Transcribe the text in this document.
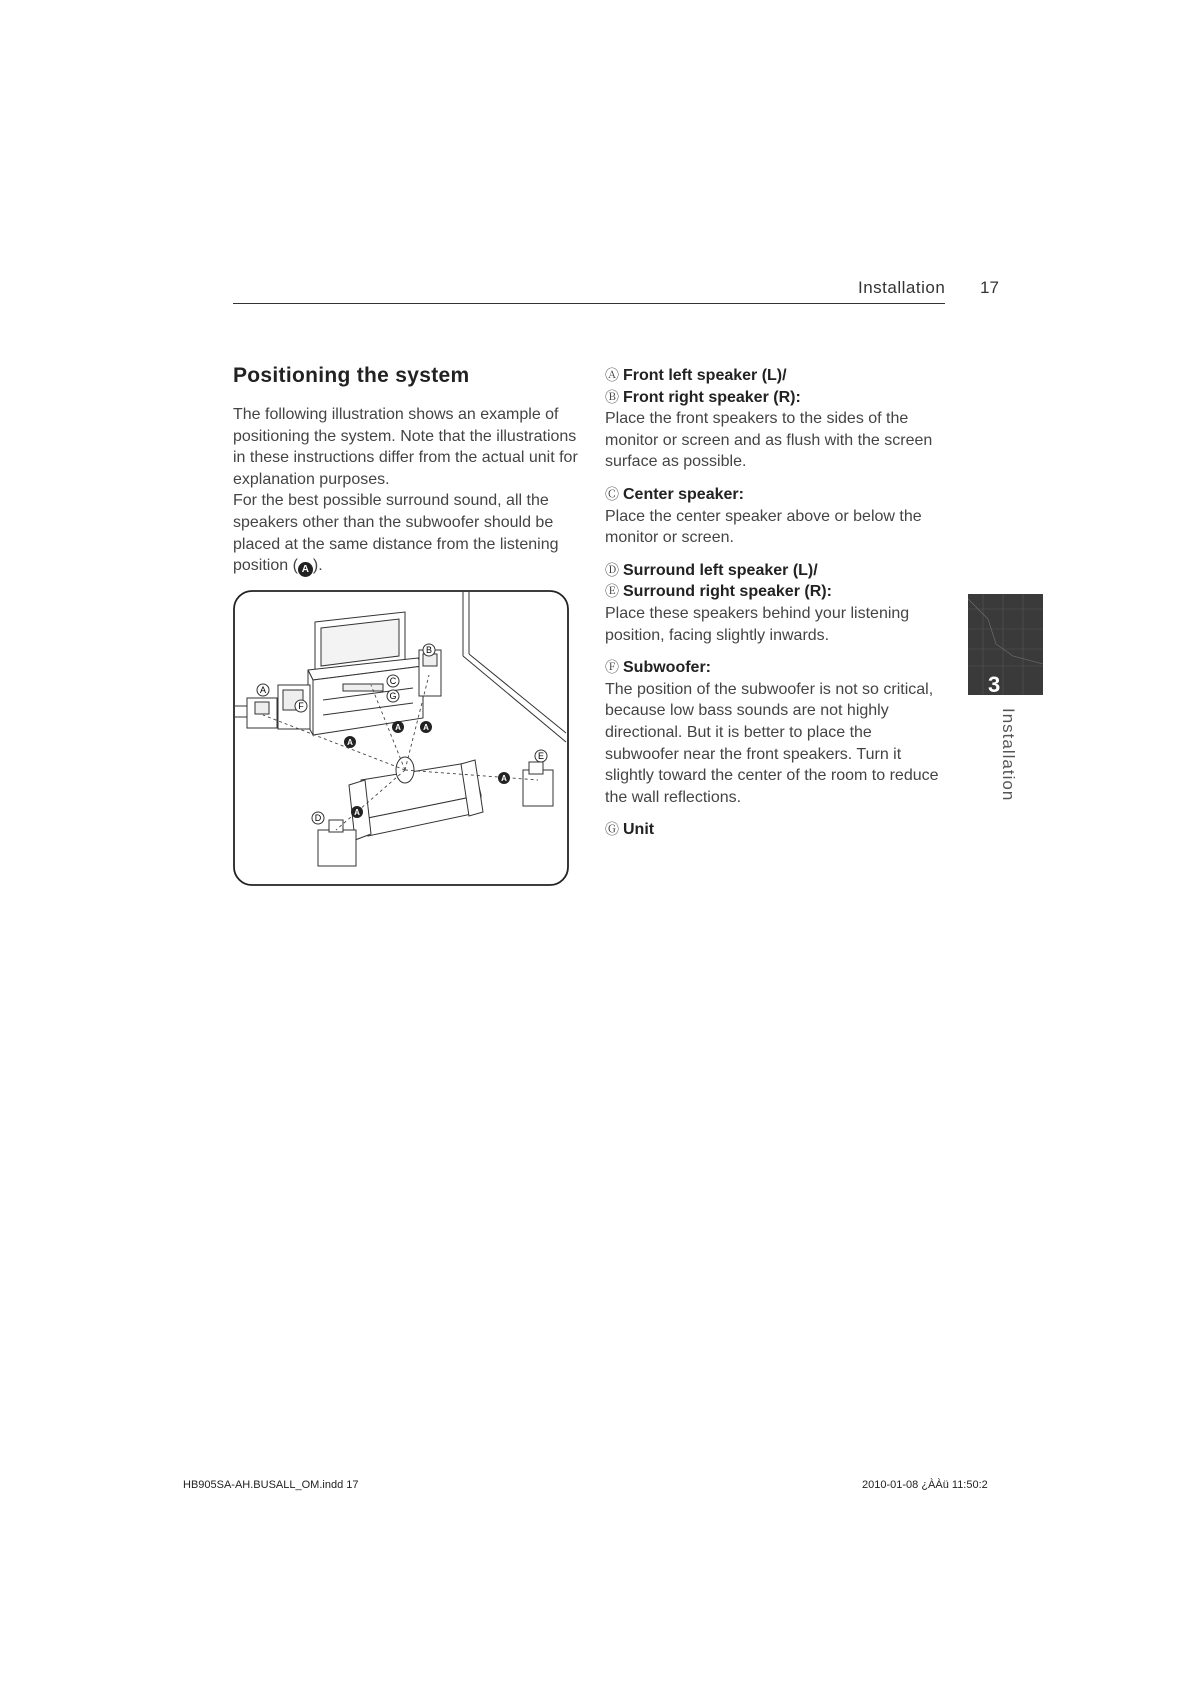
Installation 17
Positioning the system

The following illustration shows an example of positioning the system. Note that the illustrations in these instructions differ from the actual unit for explanation purposes.

For the best possible surround sound, all the speakers other than the subwoofer should be placed at the same distance from the listening position ( A ).

B
C
G
A
F
E
D
A	A
A
A
A
Ⓐ Front left speaker (L)/
Ⓑ Front right speaker (R):
Place the front speakers to the sides of the monitor or screen and as flush with the screen surface as possible.
Ⓒ Center speaker:
Place the center speaker above or below the monitor or screen.
Ⓓ Surround left speaker (L)/
Ⓔ Surround right speaker (R):
Place these speakers behind your listening position, facing slightly inwards.
Ⓕ Subwoofer:
The position of the subwoofer is not so critical, because low bass sounds are not highly directional. But it is better to place the subwoofer near the front speakers. Turn it slightly toward the center of the room to reduce the wall reflections.
Ⓖ Unit
3
Installation
HB905SA-AH.BUSALL_OM.indd 17	2010-01-08 ¿ÀÀü 11:50:2
